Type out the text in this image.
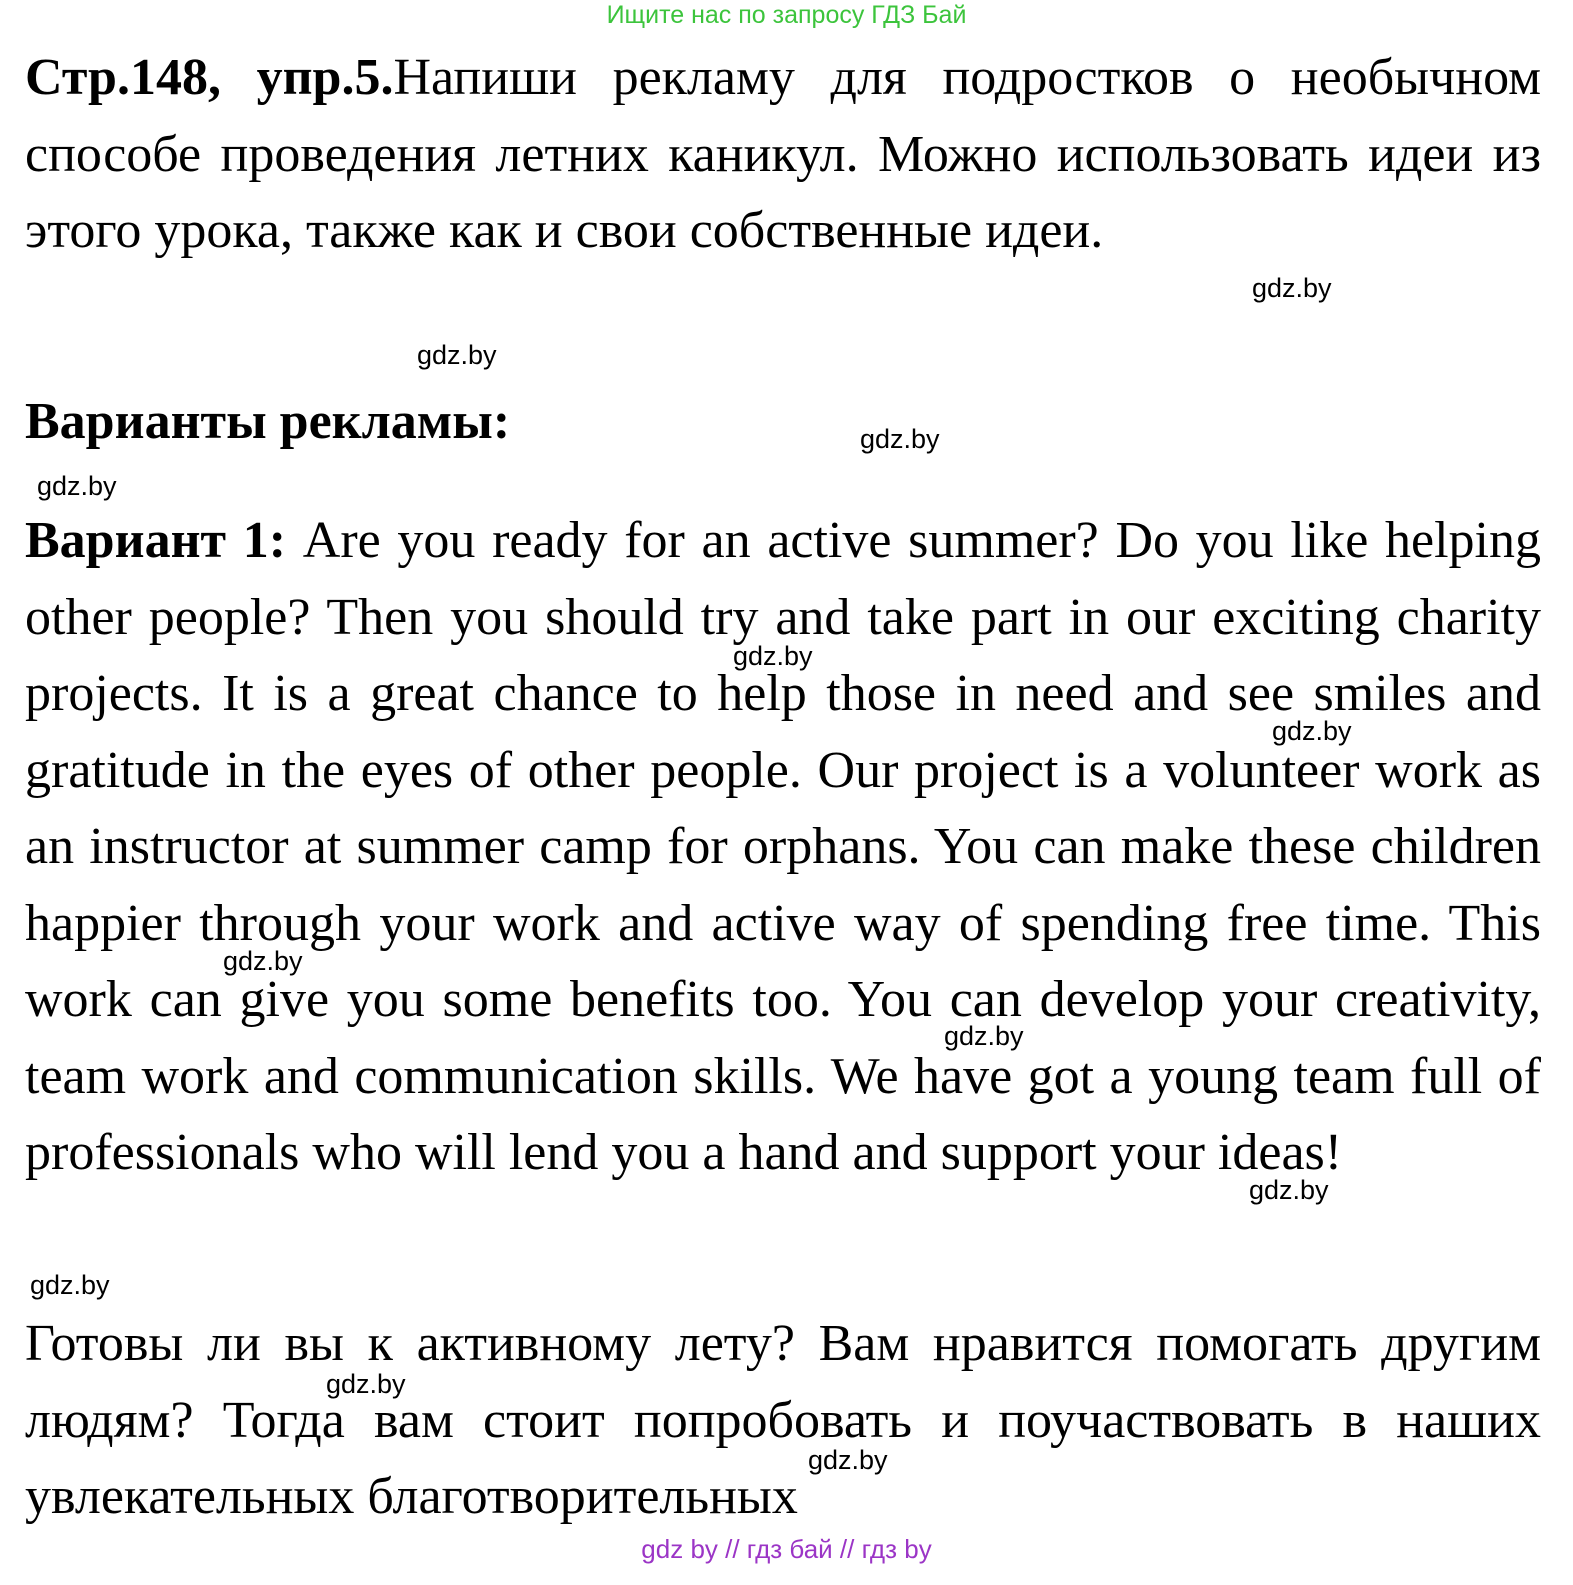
Ищите нас по запросу ГДЗ Бай

Стр.148, упр.5.Напиши рекламу для подростков о необычном способе проведения летних каникул. Можно использовать идеи из этого урока, также как и свои собственные идеи.

Варианты рекламы:

Вариант 1: Are you ready for an active summer? Do you like helping other people? Then you should try and take part in our exciting charity projects. It is a great chance to help those in need and see smiles and gratitude in the eyes of other people. Our project is a volunteer work as an instructor at summer camp for orphans. You can make these children happier through your work and active way of spending free time. This work can give you some benefits too. You can develop your creativity, team work and communication skills. We have got a young team full of professionals who will lend you a hand and support your ideas!

Готовы ли вы к активному лету? Вам нравится помогать другим людям? Тогда вам стоит попробовать и поучаствовать в наших увлекательных благотворительных

gdz.by
gdz.by
gdz.by
gdz.by
gdz.by
gdz.by
gdz.by
gdz.by
gdz.by
gdz.by
gdz.by
gdz.by
gdz by // гдз бай // гдз by
